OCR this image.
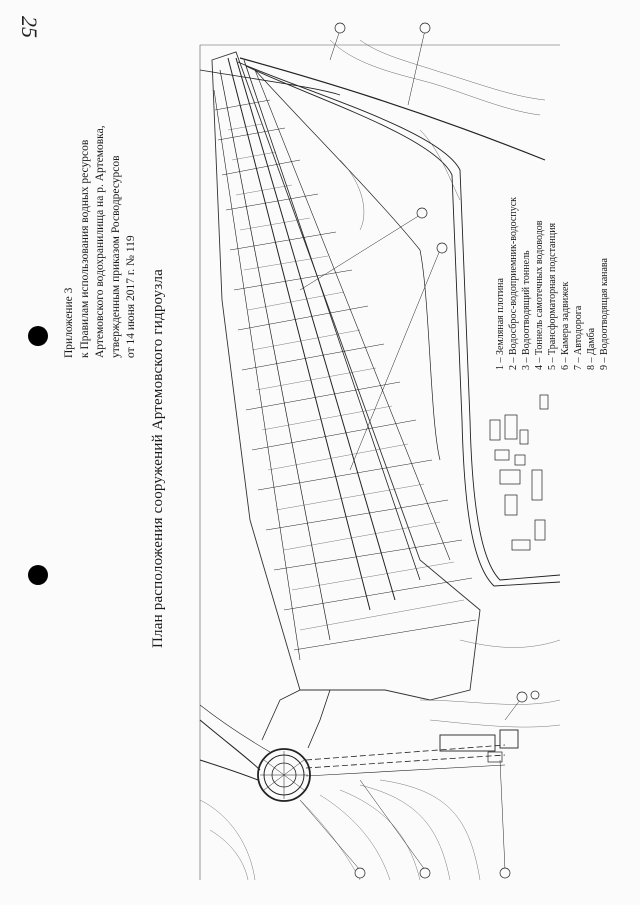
25
Приложение 3 к Правилам использования водных ресурсов Артемовского водохранилища на р. Артемовка, утвержденным приказом Росводресурсов от 14 июня 2017 г. № 119 План расположения сооружений Артемовского гидроузла	1 – Земляная плотина 2 – Водосброс-водоприемник-водоспуск 3 – Водоотводящий тоннель 4 – Тоннель самотечных водоводов 5 – Трансформаторная подстанция 6 – Камера задвижек 7 – Автодорога 8 – Дамба 9 – Водоотводящая канава
